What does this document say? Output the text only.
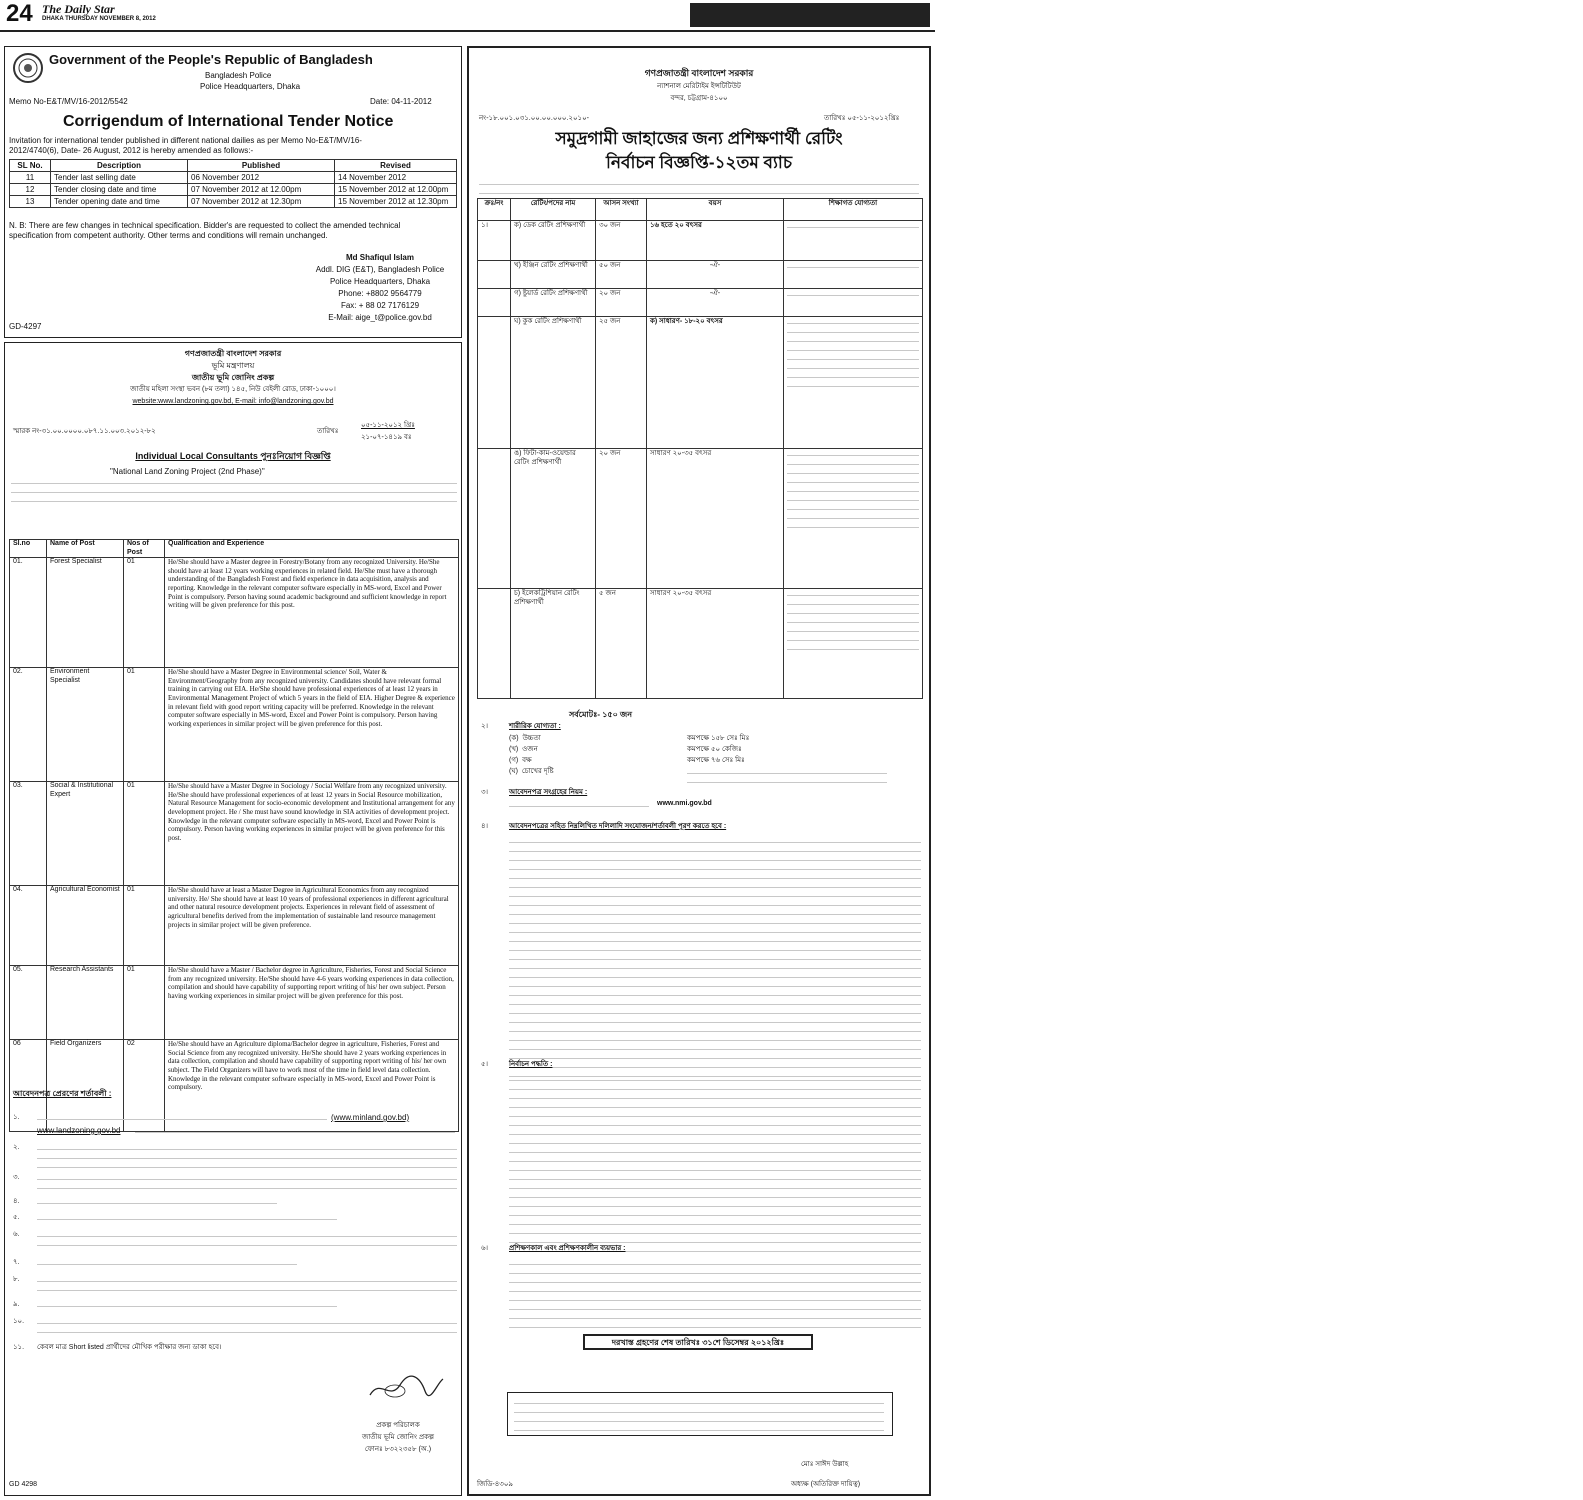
24 The Daily Star
DHAKA THURSDAY NOVEMBER 8, 2012	ADVERTISEMENT
Government of the People's Republic of Bangladesh
Bangladesh Police
Police Headquarters, Dhaka
Memo No-E&T/MV/16-2012/5542	Date: 04-11-2012
Corrigendum of International Tender Notice
Invitation for international tender published in different national dailies as per Memo No-E&T/MV/16-
2012/4740(6), Date- 26 August, 2012 is hereby amended as follows:-
SL No.	Description	Published	Revised
11	Tender last selling date	06 November 2012	14 November 2012
12	Tender closing date and time	07 November 2012 at 12.00pm	15 November 2012 at 12.00pm
13	Tender opening date and time	07 November 2012 at 12.30pm	15 November 2012 at 12.30pm
N. B: There are few changes in technical specification. Bidder's are requested to collect the amended technical
specification from competent authority. Other terms and conditions will remain unchanged.
Md Shafiqul Islam
Addl. DIG (E&T), Bangladesh Police
Police Headquarters, Dhaka
Phone: +8802 9564779
Fax: + 88 02 7176129
E-Mail: aige_t@police.gov.bd
GD-4297
গণপ্রজাতন্ত্রী বাংলাদেশ সরকার
ভূমি মন্ত্রণালয়
জাতীয় ভূমি জোনিং প্রকল্প
জাতীয় মহিলা সংস্থা ভবন (৮ম তলা) ১৪৫, নিউ বেইলী রোড, ঢাকা-১০০০।
website:www.landzoning.gov.bd, E-mail: info@landzoning.gov.bd
স্মারক নং-৩১.০০.০০০০.০৮৭.১১.০০৩.২০১২-৮২	তারিখঃ
০৫-১১-২০১২ খ্রিঃ
২১-০৭-১৪১৯ বঃ
Individual Local Consultants পুনঃনিয়োগ বিজ্ঞপ্তি
"National Land Zoning Project (2nd Phase)"
Sl.no	Name of Post	Nos of Post	Qualification and Experience
01.	Forest Specialist	01	He/She should have a Master degree in Forestry/Botany from any recognized University. He/She should have at least 12 years working experiences in related field. He/She must have a thorough understanding of the Bangladesh Forest and field experience in data acquisition, analysis and reporting. Knowledge in the relevant computer software especially in MS-word, Excel and Power Point is compulsory. Person having sound academic background and sufficient knowledge in report writing will be given preference for this post.
02.	Environment Specialist	01	He/She should have a Master Degree in Environmental science/ Soil, Water & Environment/Geography from any recognized university. Candidates should have relevant formal training in carrying out EIA. He/She should have professional experiences of at least 12 years in Environmental Management Project of which 5 years in the field of EIA. Higher Degree & experience in relevant field with good report writing capacity will be preferred. Knowledge in the relevant computer software especially in MS-word, Excel and Power Point is compulsory. Person having working experiences in similar project will be given preference for this post.
03.	Social & Institutional Expert	01	He/She should have a Master Degree in Sociology / Social Welfare from any recognized university. He/She should have professional experiences of at least 12 years in Social Resource mobilization, Natural Resource Management for socio-economic development and Institutional arrangement for any development project. He / She must have sound knowledge in SIA activities of development project. Knowledge in the relevant computer software especially in MS-word, Excel and Power Point is compulsory. Person having working experiences in similar project will be given preference for this post.
04.	Agricultural Economist	01	He/She should have at least a Master Degree in Agricultural Economics from any recognized university. He/ She should have at least 10 years of professional experiences in different agricultural and other natural resource development projects. Experiences in relevant field of assessment of agricultural benefits derived from the implementation of sustainable land resource management projects in similar project will be given preference.
05.	Research Assistants	01	He/She should have a Master / Bachelor degree in Agriculture, Fisheries, Forest and Social Science from any recognized university. He/She should have 4-6 years working experiences in data collection, compilation and should have capability of supporting report writing of his/ her own subject. Person having working experiences in similar project will be given preference for this post.
06	Field Organizers	02	He/She should have an Agriculture diploma/Bachelor degree in agriculture, Fisheries, Forest and Social Science from any recognized university. He/She should have 2 years working experiences in data collection, compilation and should have capability of supporting report writing of his/ her own subject. The Field Organizers will have to work most of the time in field level data collection. Knowledge in the relevant computer software especially in MS-word, Excel and Power Point is compulsory.
আবেদনপত্র প্রেরণের শর্তাবলী :
১.	(www.minland.gov.bd)
www.landzoning.gov.bd
২.
৩.
৪.
৫.
৬.
৭.
৮.
৯.
১০.
১১. কেবল মাত্র Short listed প্রার্থীদের মৌখিক পরীক্ষার জন্য ডাকা হবে।
প্রকল্প পরিচালক
জাতীয় ভূমি জোনিং প্রকল্প
ফোনঃ ৮৩২২৩৫৮ (অ.)
GD 4298
গণপ্রজাতন্ত্রী বাংলাদেশ সরকার
ন্যাশনাল মেরিটাইম ইন্সটিটিউট
বন্দর, চট্টগ্রাম-৪১০০
নং-১৮.০০১.০৩১.০০.০০.০০০.২০১০-	তারিখঃ ০৫-১১-২০১২খ্রিঃ
সমুদ্রগামী জাহাজের জন্য প্রশিক্ষণার্থী রেটিং
নির্বাচন বিজ্ঞপ্তি-১২তম ব্যাচ
ক্রঃ/নং	রেটিং/পদের নাম	আসন সংখ্যা	বয়স	শিক্ষাগত যোগ্যতা
১।	ক) ডেক রেটিং প্রশিক্ষণার্থী	৩০ জন	১৬ হতে ২০ বৎসর	

	খ) ইঞ্জিন রেটিং প্রশিক্ষণার্থী	৫০ জন	-ঐ-	

	গ) ষ্টুয়ার্ড রেটিং প্রশিক্ষণার্থী	২০ জন	-ঐ-	

	ঘ) কুক রেটিং প্রশিক্ষণার্থী	২৫ জন	ক) সাধারণ- ১৮-২০ বৎসর	

	ঙ) ফিটা-কাম-ওয়েল্ডার রেটিং প্রশিক্ষণার্থী	২০ জন	সাধারণ ২০-৩৫ বৎসর	

	চ) ইলেকট্রিশিয়ান রেটিং প্রশিক্ষণার্থী	৫ জন	সাধারণ ২০-৩৫ বৎসর	
সর্বমোটঃ- ১৫০ জন
২।	শারীরিক যোগ্যতা :
(ক) উচ্চতা	কমপক্ষে ১৫৮ সেঃ মিঃ
(খ) ওজন	কমপক্ষে ৫০ কেজিঃ
(গ) বক্ষ	কমপক্ষে ৭৬ সেঃ মিঃ
(ঘ) চোখের দৃষ্টি
৩।	আবেদনপত্র সংগ্রহের নিয়ম :
www.nmi.gov.bd
৪।	আবেদনপত্রের সহিত নিম্নলিখিত দলিলাদি সংযোজন/শর্তাবলী পূরণ করতে হবে :
৫।	নির্বাচন পদ্ধতি :
৬।	প্রশিক্ষণকাল এবং প্রশিক্ষণকালীন ব্যয়ভার :
দরখাস্ত গ্রহণের শেষ তারিখঃ ৩১শে ডিসেম্বর ২০১২খ্রিঃ
মোঃ সাঈদ উল্লাহ
অধ্যক্ষ (অতিরিক্ত দায়িত্ব)
জিডি-৪৩০৯
